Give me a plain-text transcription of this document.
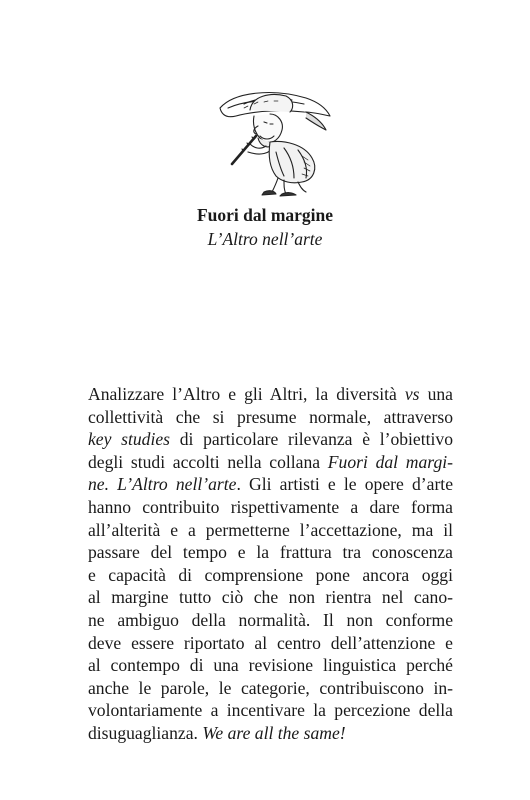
Fuori dal margine
L’Altro nell’arte

Analizzare l’Altro e gli Altri, la diversità vs una
collettività che si presume normale, attraverso
key studies di particolare rilevanza è l’obiettivo
degli studi accolti nella collana Fuori dal margi-
ne. L’Altro nell’arte. Gli artisti e le opere d’arte
hanno contribuito rispettivamente a dare forma
all’alterità e a permetterne l’accettazione, ma il
passare del tempo e la frattura tra conoscenza
e capacità di comprensione pone ancora oggi
al margine tutto ciò che non rientra nel cano-
ne ambiguo della normalità. Il non conforme
deve essere riportato al centro dell’attenzione e
al contempo di una revisione linguistica perché
anche le parole, le categorie, contribuiscono in-
volontariamente a incentivare la percezione della
disuguaglianza. We are all the same!
